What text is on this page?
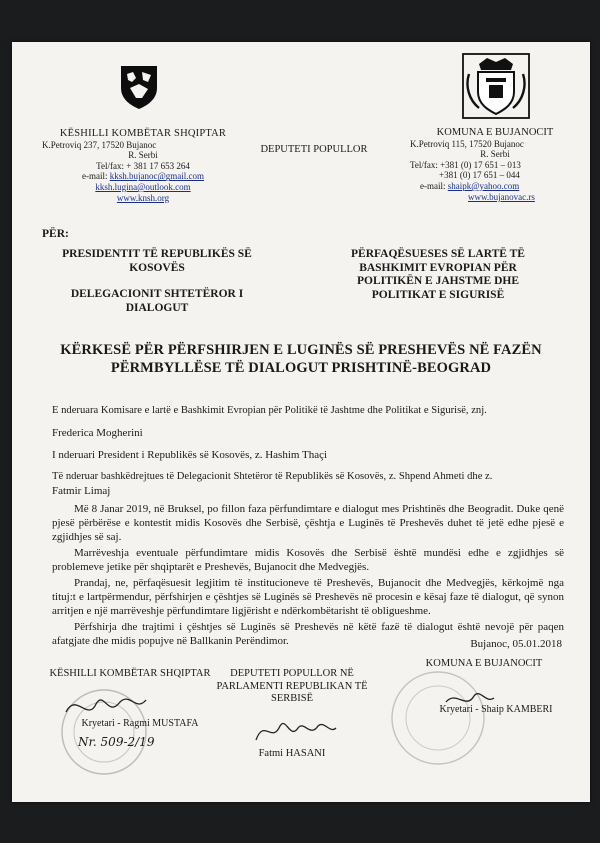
KËSHILLI KOMBËTAR SHQIPTAR
K.Petroviq 237, 17520 Bujanoc
R. Serbi
Tel/fax: + 381 17 653 264
e-mail: kksh.bujanoc@gmail.com
kksh.lugina@outlook.com
www.knsh.org
DEPUTETI POPULLOR
KOMUNA E BUJANOCIT
K.Petroviq 115, 17520 Bujanoc
R. Serbi
Tel/fax: +381 (0) 17 651 – 013
+381 (0) 17 651 – 044
e-mail: shaipk@yahoo.com
www.bujanovac.rs
PËR:
PRESIDENTIT TË REPUBLIKËS SË
KOSOVËS
DELEGACIONIT SHTETËROR I
DIALOGUT
PËRFAQËSUESES SË LARTË TË
BASHKIMIT EVROPIAN PËR
POLITIKËN E JAHSTME DHE
POLITIKAT E SIGURISË
KËRKESË PËR PËRFSHIRJEN E LUGINËS SË PRESHEVËS NË FAZËN
PËRMBYLLËSE TË DIALOGUT PRISHTINË-BEOGRAD
E nderuara Komisare e lartë e Bashkimit Evropian për Politikë të Jashtme dhe Politikat e Sigurisë, znj.
Frederica Mogherini
I nderuari President i Republikës së Kosovës, z. Hashim Thaçi
Të nderuar bashkëdrejtues të Delegacionit Shtetëror të Republikës së Kosovës, z. Shpend Ahmeti dhe z.
Fatmir Limaj
Më 8 Janar 2019, në Bruksel, po fillon faza përfundimtare e dialogut mes Prishtinës dhe Beogradit. Duke qenë pjesë përbërëse e kontestit midis Kosovës dhe Serbisë, çështja e Luginës të Preshevës duhet të jetë edhe pjesë e zgjidhjes së saj.
Marrëveshja eventuale përfundimtare midis Kosovës dhe Serbisë është mundësi edhe e zgjidhjes së problemeve jetike për shqiptarët e Preshevës, Bujanocit dhe Medvegjës.
Prandaj, ne, përfaqësuesit legjitim të institucioneve të Preshevës, Bujanocit dhe Medvegjës, kërkojmë nga tituj:t e lartpërmendur, përfshirjen e çështjes së Luginës së Preshevës në procesin e kësaj faze të dialogut, që synon arritjen e një marrëveshje përfundimtare ligjërisht e ndërkombëtarisht të obligueshme.
Përfshirja dhe trajtimi i çështjes së Luginës së Preshevës në këtë fazë të dialogut është nevojë për paqen afatgjate dhe midis popujve në Ballkanin Perëndimor.	Bujanoc, 05.01.2018
KËSHILLI KOMBËTAR SHQIPTAR
Kryetari - Ragmi MUSTAFA
Nr. 509-2/19
DEPUTETI POPULLOR NË
PARLAMENTI REPUBLIKAN TË
SERBISË
Fatmi HASANI
KOMUNA E BUJANOCIT
Kryetari - Shaip KAMBERI
